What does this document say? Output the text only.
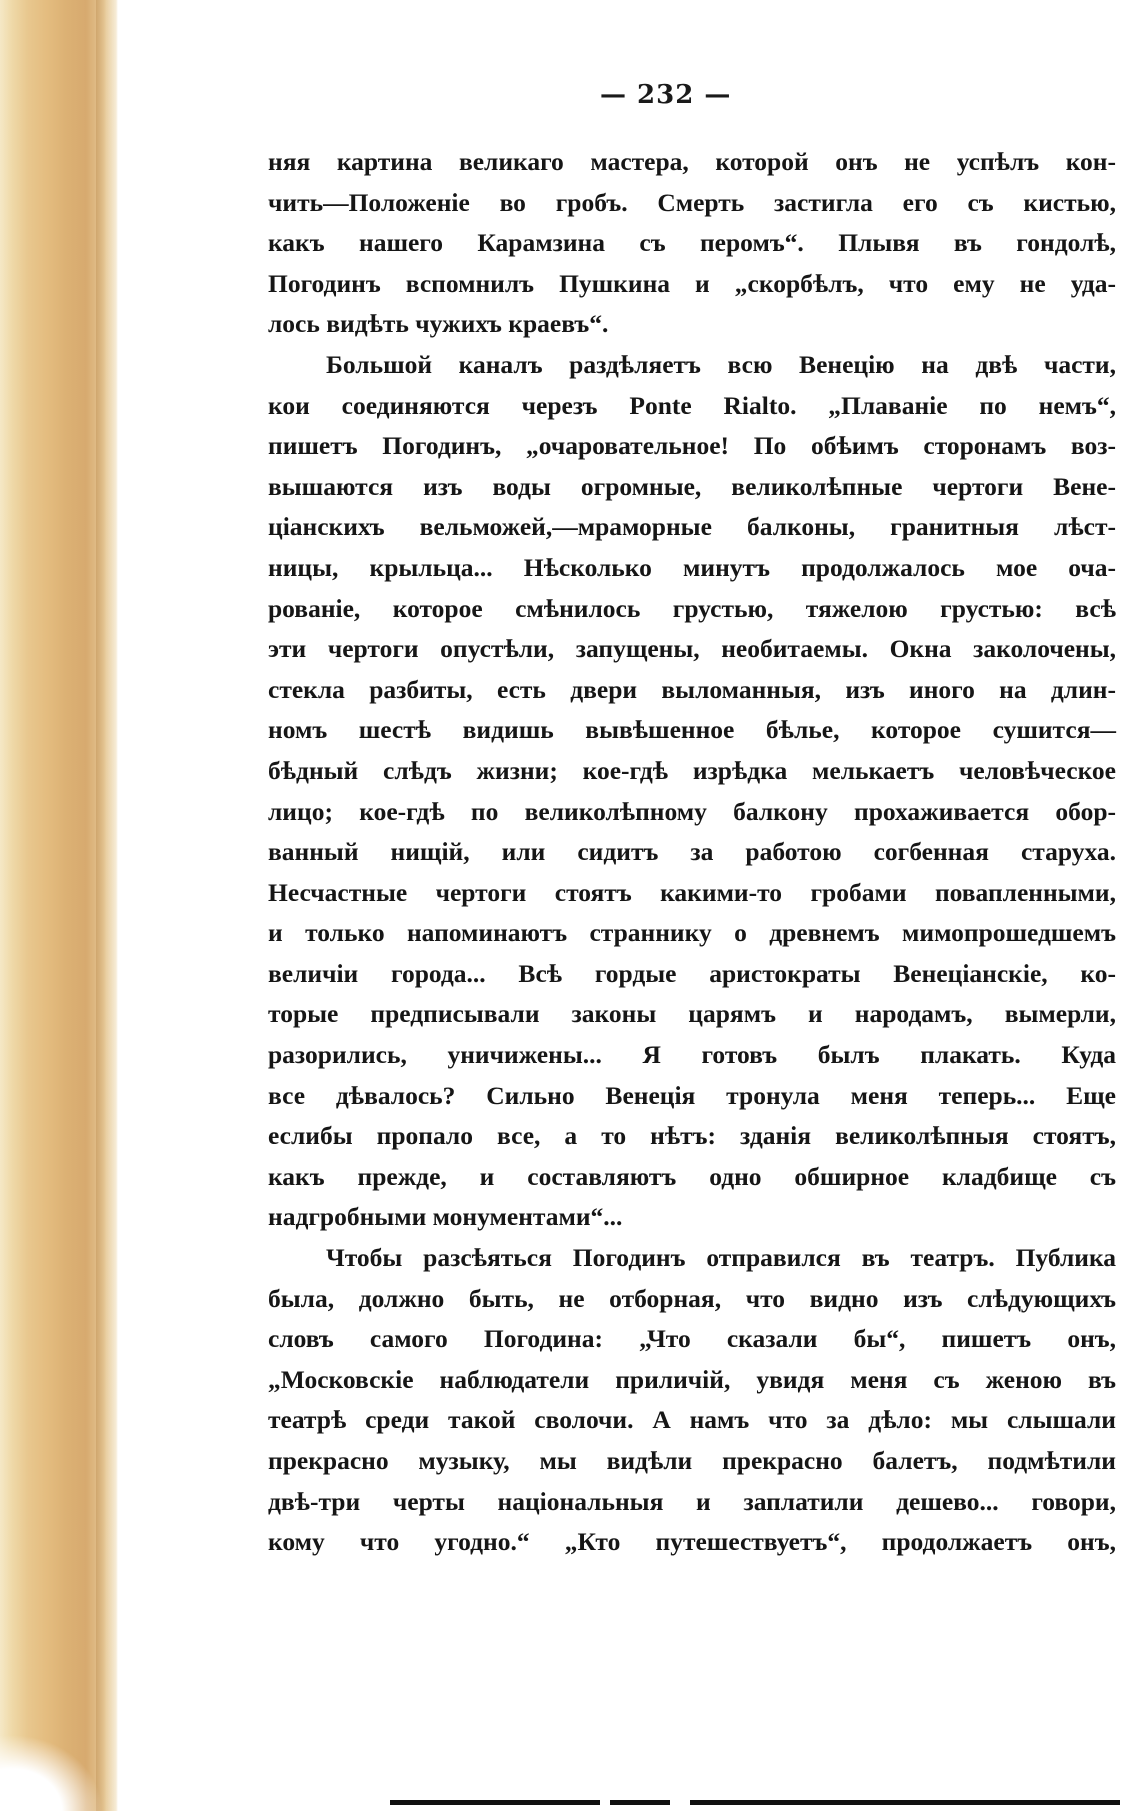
— 232 —
няя картина великаго мастера, которой онъ не успѣлъ кон-
чить—Положеніе во гробъ. Смерть застигла его съ кистью,
какъ нашего Карамзина съ перомъ“. Плывя въ гондолѣ,
Погодинъ вспомнилъ Пушкина и „скорбѣлъ, что ему не уда-
лось видѣть чужихъ краевъ“.
Большой каналъ раздѣляетъ всю Венецію на двѣ части,
кои соединяются черезъ Ponte Rialto. „Плаваніе по немъ“,
пишетъ Погодинъ, „очаровательное! По обѣимъ сторонамъ воз-
вышаются изъ воды огромные, великолѣпные чертоги Вене-
ціанскихъ вельможей,—мраморные балконы, гранитныя лѣст-
ницы, крыльца... Нѣсколько минутъ продолжалось мое оча-
рованіе, которое смѣнилось грустью, тяжелою грустью: всѣ
эти чертоги опустѣли, запущены, необитаемы. Окна заколочены,
стекла разбиты, есть двери выломанныя, изъ иного на длин-
номъ шестѣ видишь вывѣшенное бѣлье, которое сушится—
бѣдный слѣдъ жизни; кое-гдѣ изрѣдка мелькаетъ человѣческое
лицо; кое-гдѣ по великолѣпному балкону прохаживается обор-
ванный нищій, или сидитъ за работою согбенная старуха.
Несчастные чертоги стоятъ какими-то гробами повапленными,
и только напоминаютъ страннику о древнемъ мимопрошедшемъ
величіи города... Всѣ гордые аристократы Венеціанскіе, ко-
торые предписывали законы царямъ и народамъ, вымерли,
разорились, уничижены... Я готовъ былъ плакать. Куда
все дѣвалось? Сильно Венеція тронула меня теперь... Еще
еслибы пропало все, а то нѣтъ: зданія великолѣпныя стоятъ,
какъ прежде, и составляютъ одно обширное кладбище съ
надгробными монументами“...
Чтобы разсѣяться Погодинъ отправился въ театръ. Публика
была, должно быть, не отборная, что видно изъ слѣдующихъ
словъ самого Погодина: „Что сказали бы“, пишетъ онъ,
„Московскіе наблюдатели приличій, увидя меня съ женою въ
театрѣ среди такой сволочи. А намъ что за дѣло: мы слышали
прекрасно музыку, мы видѣли прекрасно балетъ, подмѣтили
двѣ-три черты національныя и заплатили дешево... говори,
кому что угодно.“ „Кто путешествуетъ“, продолжаетъ онъ,
